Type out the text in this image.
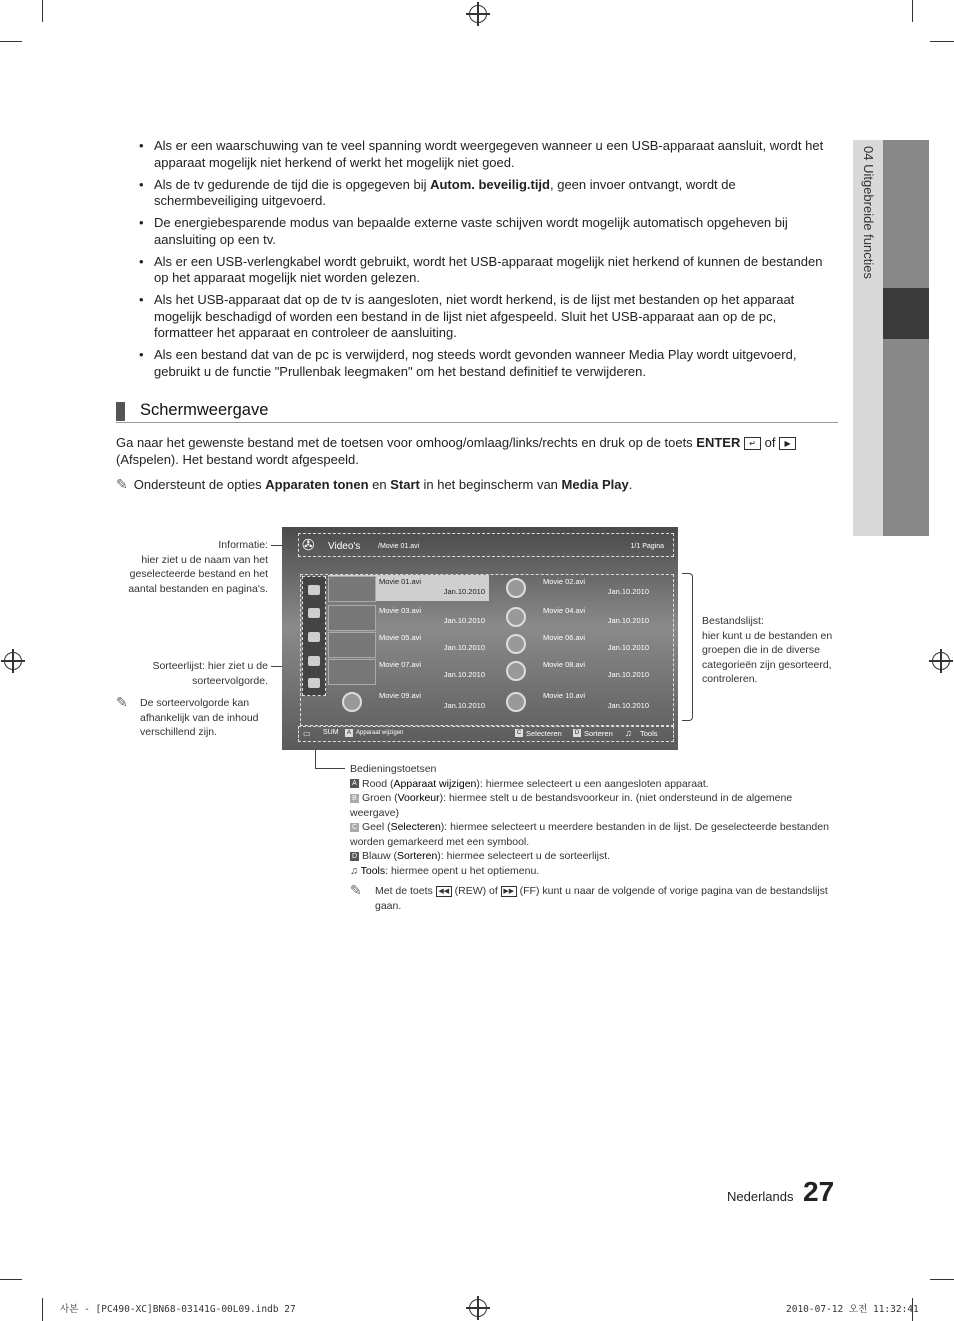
04 Uitgebreide functies
• Als er een waarschuwing van te veel spanning wordt weergegeven wanneer u een USB-apparaat aansluit, wordt het apparaat mogelijk niet herkend of werkt het mogelijk niet goed.
• Als de tv gedurende de tijd die is opgegeven bij Autom. beveilig.tijd, geen invoer ontvangt, wordt de schermbeveiliging uitgevoerd.
• De energiebesparende modus van bepaalde externe vaste schijven wordt mogelijk automatisch opgeheven bij aansluiting op een tv.
• Als er een USB-verlengkabel wordt gebruikt, wordt het USB-apparaat mogelijk niet herkend of kunnen de bestanden op het apparaat mogelijk niet worden gelezen.
• Als het USB-apparaat dat op de tv is aangesloten, niet wordt herkend, is de lijst met bestanden op het apparaat mogelijk beschadigd of worden een bestand in de lijst niet afgespeeld. Sluit het USB-apparaat aan op de pc, formatteer het apparaat en controleer de aansluiting.
• Als een bestand dat van de pc is verwijderd, nog steeds wordt gevonden wanneer Media Play wordt uitgevoerd, gebruikt u de functie "Prullenbak leegmaken" om het bestand definitief te verwijderen.
Schermweergave
Ga naar het gewenste bestand met de toetsen voor omhoog/omlaag/links/rechts en druk op de toets ENTER ↵ of ▶
(Afspelen). Het bestand wordt afgespeeld.
✎ Ondersteunt de opties Apparaten tonen en Start in het beginscherm van Media Play.
Informatie:
hier ziet u de naam van het
geselecteerde bestand en het
aantal bestanden en pagina's.
Sorteerlijst: hier ziet u de
sorteervolgorde.
✎	De sorteervolgorde kan
afhankelijk van de inhoud
verschillend zijn.
Bestandslijst:
hier kunt u de bestanden en
groepen die in de diverse
categorieën zijn gesorteerd,
controleren.
✇ Video's	/Movie 01.avi	1/1 Pagina
Movie 01.avi
Jan.10.2010
Movie 02.avi
Jan.10.2010
Movie 03.avi
Jan.10.2010
Movie 04.avi
Jan.10.2010
Movie 05.avi
Jan.10.2010
Movie 06.avi
Jan.10.2010
Movie 07.avi
Jan.10.2010
Movie 08.avi
Jan.10.2010
Movie 09.avi
Jan.10.2010
Movie 10.avi
Jan.10.2010
▭ SUM	A Apparaat wijzigen	C Selecteren	D Sorteren ♫ Tools
Bedieningstoetsen
A Rood (Apparaat wijzigen): hiermee selecteert u een aangesloten apparaat.
B Groen (Voorkeur): hiermee stelt u de bestandsvoorkeur in. (niet ondersteund in de algemene weergave)
C Geel (Selecteren): hiermee selecteert u meerdere bestanden in de lijst. De geselecteerde bestanden worden gemarkeerd met een symbool.
D Blauw (Sorteren): hiermee selecteert u de sorteerlijst.
♫ Tools: hiermee opent u het optiemenu.
✎ Met de toets ◀◀ (REW) of ▶▶ (FF) kunt u naar de volgende of vorige pagina van de bestandslijst gaan.
Nederlands 27
사본 - [PC490-XC]BN68-03141G-00L09.indb 27	2010-07-12 오전 11:32:41
